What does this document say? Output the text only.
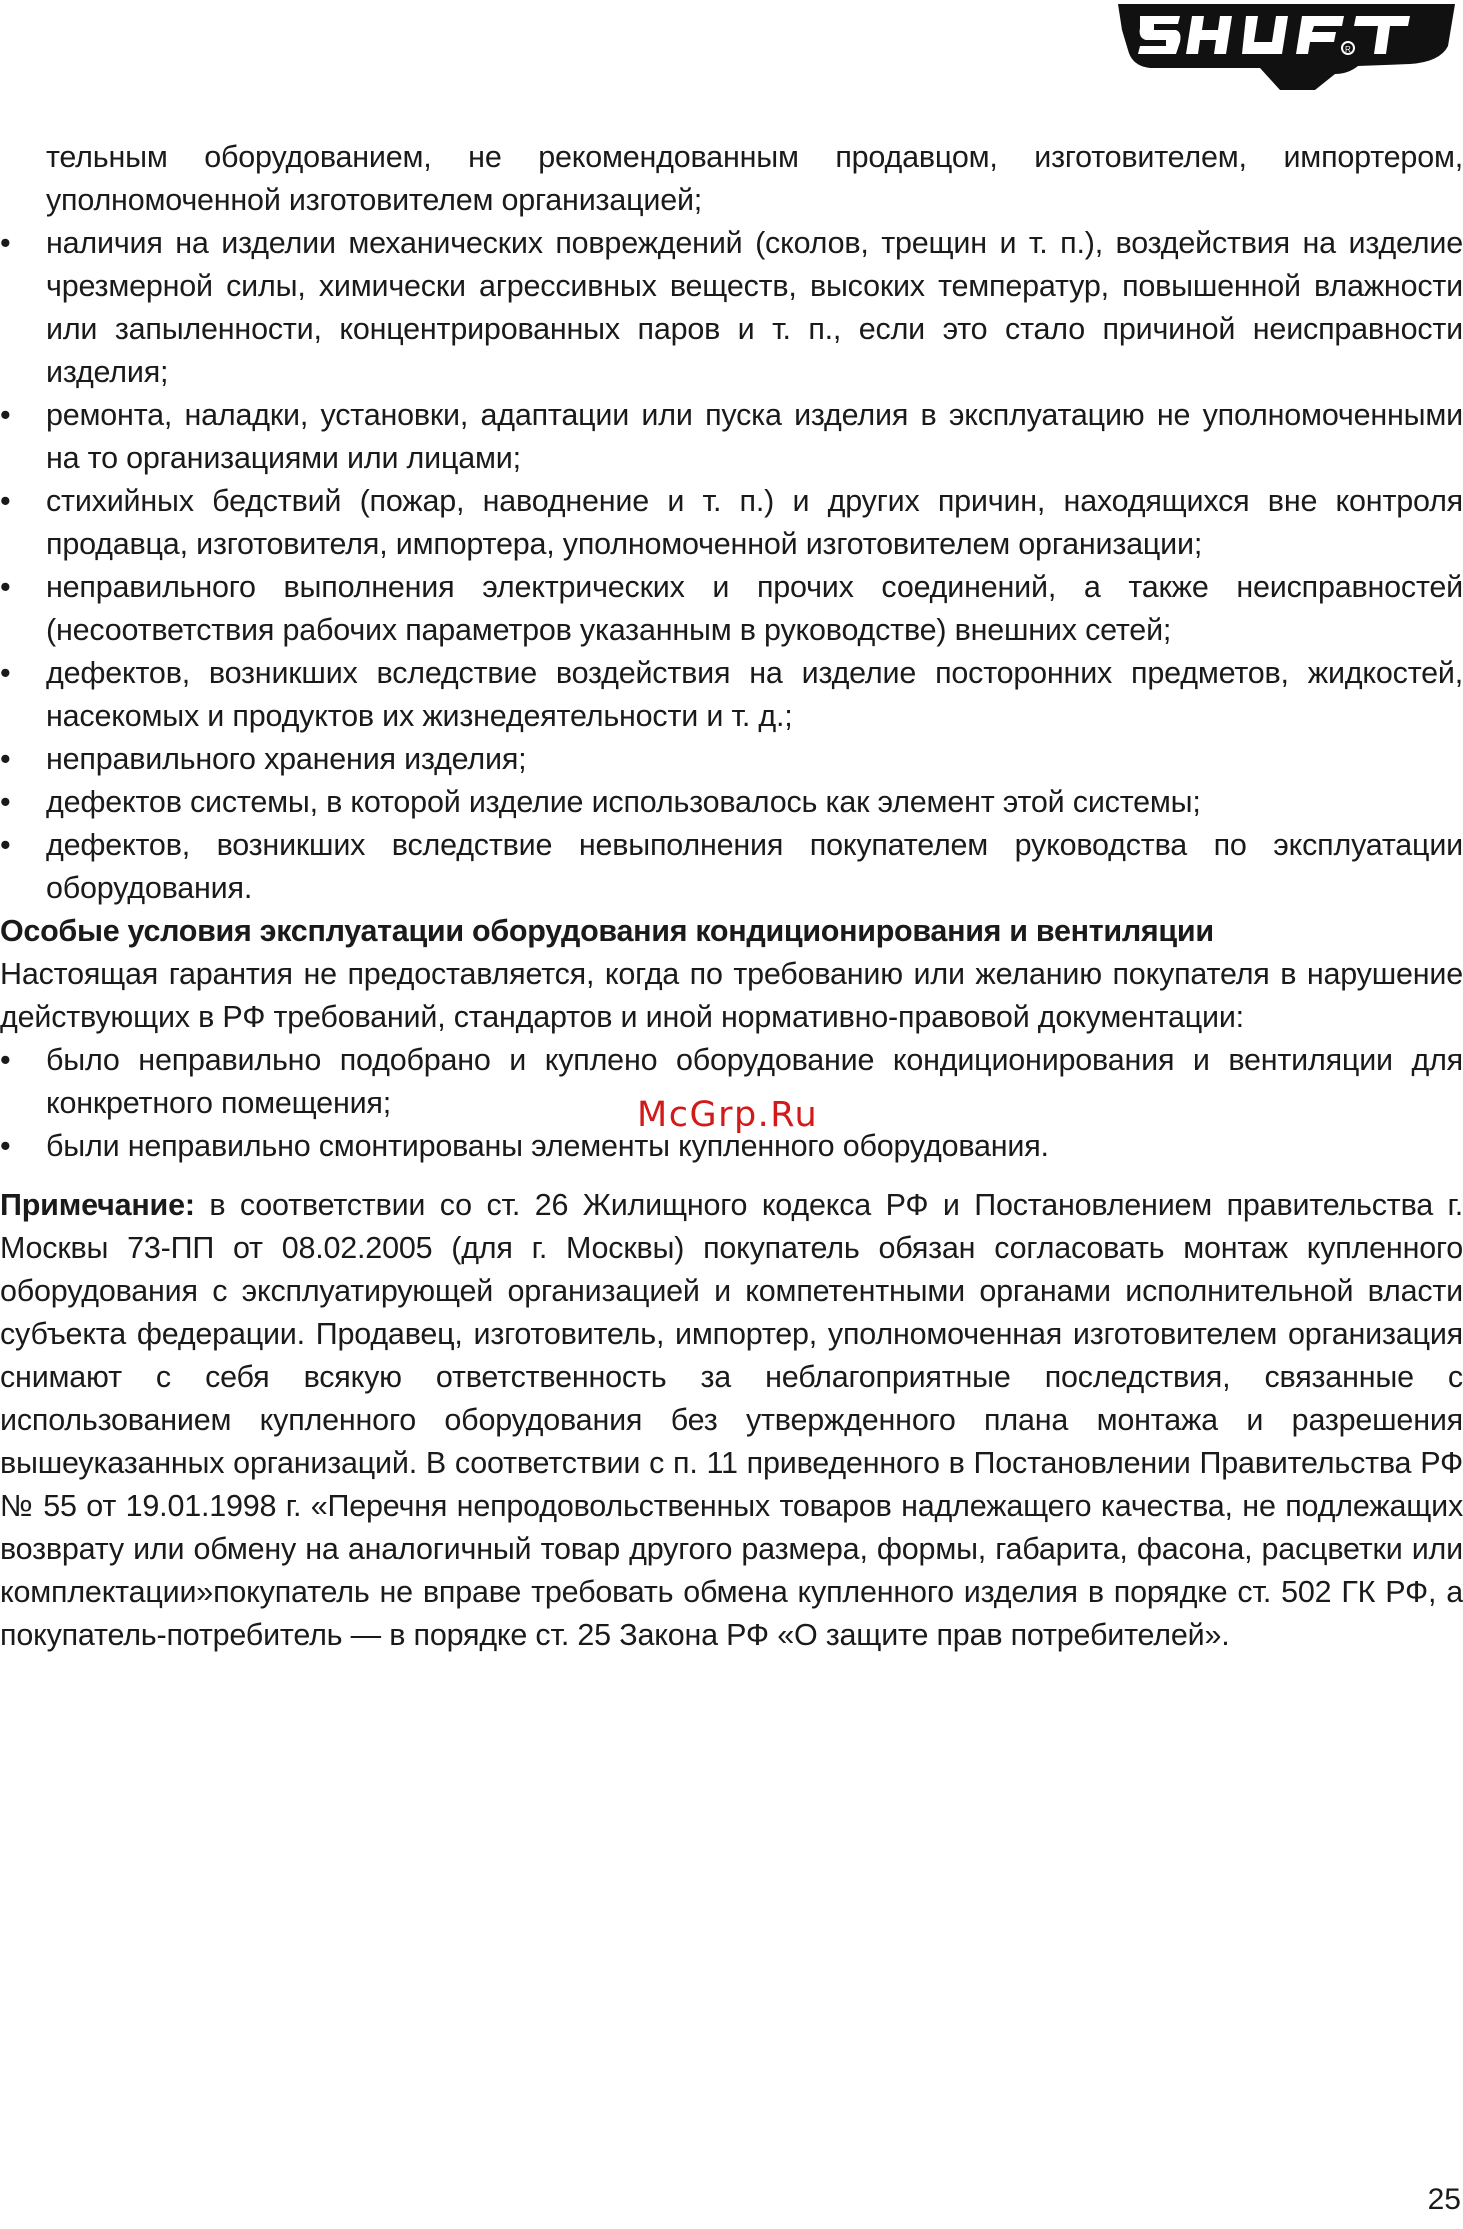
R

тельным оборудованием, не рекомендованным продавцом, изготовителем, импортером, уполномоченной изготовителем организацией;

• наличия на изделии механических повреждений (сколов, трещин и т. п.), воздействия на изделие чрезмерной силы, химически агрессивных веществ, высоких температур, повышенной влажности или запыленности, концентрированных паров и т. п., если это стало причиной неисправности изделия;
• ремонта, наладки, установки, адаптации или пуска изделия в эксплуатацию не уполномоченными на то организациями или лицами;
• стихийных бедствий (пожар, наводнение и т. п.) и других причин, находящихся вне контроля продавца, изготовителя, импортера, уполномоченной изготовителем организации;
• неправильного выполнения электрических и прочих соединений, а также неисправностей (несоответствия рабочих параметров указанным в руководстве) внешних сетей;
• дефектов, возникших вследствие воздействия на изделие посторонних предметов, жидкостей, насекомых и продуктов их жизнедеятельности и т. д.;
• неправильного хранения изделия;
• дефектов системы, в которой изделие использовалось как элемент этой системы;
• дефектов, возникших вследствие невыполнения покупателем руководства по эксплуатации оборудования.

Особые условия эксплуатации оборудования кондиционирования и вентиляции

Настоящая гарантия не предоставляется, когда по требованию или желанию покупателя в нарушение действующих в РФ требований, стандартов и иной нормативно-правовой документации:

• было неправильно подобрано и куплено оборудование кондиционирования и вентиляции для конкретного помещения;
• были неправильно смонтированы элементы купленного оборудования.

Примечание: в соответствии со ст. 26 Жилищного кодекса РФ и Постановлением правительства г. Москвы 73-ПП от 08.02.2005 (для г. Москвы) покупатель обязан согласовать монтаж купленного оборудования с эксплуатирующей организацией и компетентными органами исполнительной власти субъекта федерации. Продавец, изготовитель, импортер, уполномоченная изготовителем организация снимают с себя всякую ответственность за неблагоприятные последствия, связанные с использованием купленного оборудования без утвержденного плана монтажа и разрешения вышеуказанных организаций. В соответствии с п. 11 приведенного в Постановлении Правительства РФ № 55 от 19.01.1998 г. «Перечня непродовольственных товаров надлежащего качества, не подлежащих возврату или обмену на аналогичный товар другого размера, формы, габарита, фасона, расцветки или комплектации»покупатель не вправе требовать обмена купленного изделия в порядке ст. 502 ГК РФ, а покупатель-потребитель — в порядке ст. 25 Закона РФ «О защите прав потребителей».

McGrp.Ru
25
